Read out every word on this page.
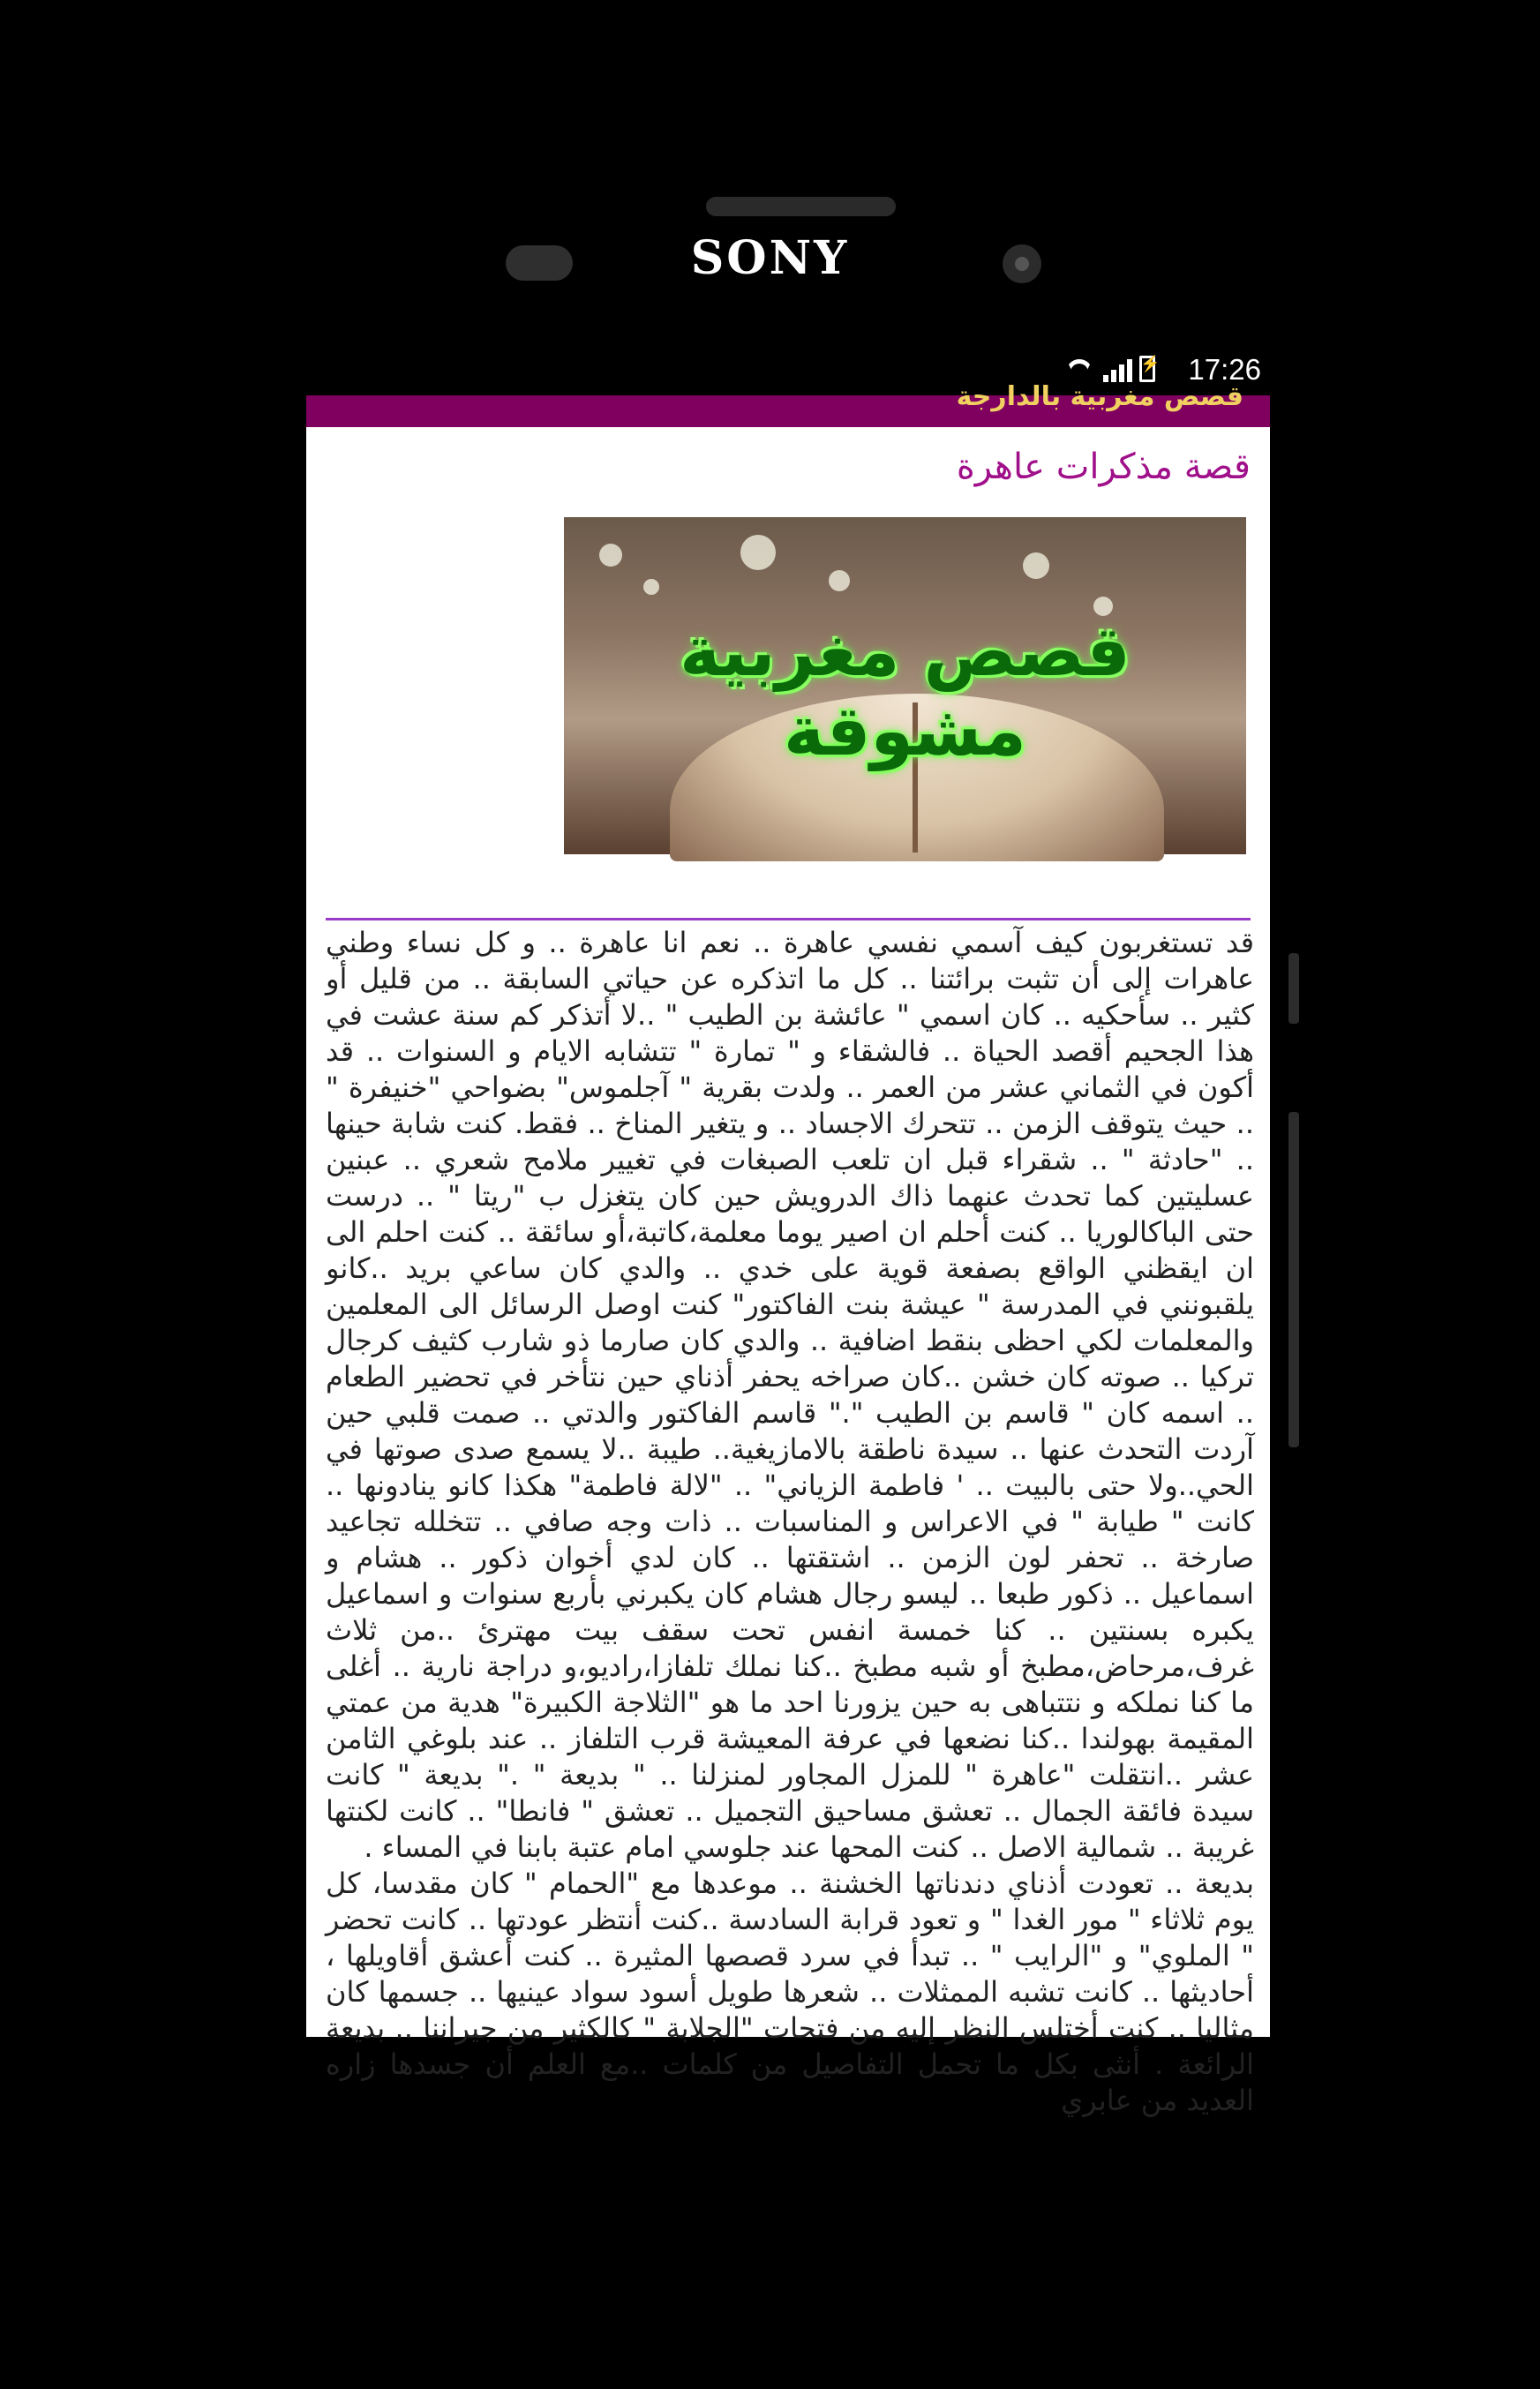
SONY
⚡
17:26
قصص مغربية بالدارجة
قصة مذكرات عاهرة
قصص مغربية مشوقة

قد تستغربون كيف آسمي نفسي عاهرة .. نعم انا عاهرة .. و كل نساء وطني عاهرات إلى أن تثبت برائتنا .. كل ما اتذكره عن حياتي السابقة .. من قليل أو كثير .. سأحكيه .. كان اسمي " عائشة بن الطيب " ..لا أتذكر كم سنة عشت في هذا الجحيم أقصد الحياة .. فالشقاء و " تمارة " تتشابه الايام و السنوات .. قد أكون في الثماني عشر من العمر .. ولدت بقرية " آجلموس" بضواحي "خنيفرة " .. حيث يتوقف الزمن .. تتحرك الاجساد .. و يتغير المناخ .. فقط. كنت شابة حينها .. "حادثة " .. شقراء قبل ان تلعب الصبغات في تغيير ملامح شعري .. عبنين عسليتين كما تحدث عنهما ذاك الدرويش حين كان يتغزل ب "ريتا " .. درست حتى الباكالوريا .. كنت أحلم ان اصير يوما معلمة،كاتبة،أو سائقة .. كنت احلم الى ان ايقظني الواقع بصفعة قوية على خدي .. والدي كان ساعي بريد ..كانو يلقبونني في المدرسة " عيشة بنت الفاكتور" كنت اوصل الرسائل الى المعلمين والمعلمات لكي احظى بنقط اضافية .. والدي كان صارما ذو شارب كثيف كرجال تركيا .. صوته كان خشن ..كان صراخه يحفر أذناي حين نتأخر في تحضير الطعام .. اسمه كان " قاسم بن الطيب "." قاسم الفاكتور والدتي .. صمت قلبي حين آردت التحدث عنها .. سيدة ناطقة بالامازيغية.. طيبة ..لا يسمع صدى صوتها في الحي..ولا حتى بالبيت .. ' فاطمة الزياني" .. "لالة فاطمة" هكذا كانو ينادونها .. كانت " طيابة " في الاعراس و المناسبات .. ذات وجه صافي .. تتخلله تجاعيد صارخة .. تحفر لون الزمن .. اشتقتها .. كان لدي أخوان ذكور .. هشام و اسماعيل .. ذكور طبعا .. ليسو رجال هشام كان يكبرني بأربع سنوات و اسماعيل يكبره بسنتين .. كنا خمسة انفس تحت سقف بيت مهترئ ..من ثلاث غرف،مرحاض،مطبخ أو شبه مطبخ ..كنا نملك تلفازا،راديو،و دراجة نارية .. أغلى ما كنا نملكه و نتتباهى به حين يزورنا احد ما هو "الثلاجة الكبيرة" هدية من عمتي المقيمة بهولندا ..كنا نضعها في عرفة المعيشة قرب التلفاز .. عند بلوغي الثامن عشر ..انتقلت "عاهرة " للمزل المجاور لمنزلنا .. " بديعة " ." بديعة " كانت سيدة فائقة الجمال .. تعشق مساحيق التجميل .. تعشق " فانطا" .. كانت لكنتها غريبة .. شمالية الاصل .. كنت المحها عند جلوسي امام عتبة بابنا في المساء .

بديعة .. تعودت أذناي دندناتها الخشنة .. موعدها مع "الحمام " كان مقدسا، كل يوم ثلاثاء " مور الغدا " و تعود قرابة السادسة ..كنت أنتظر عودتها .. كانت تحضر " الملوي" و "الرايب " .. تبدأ في سرد قصصها المثيرة .. كنت أعشق أقاويلها ، أحاديثها .. كانت تشبه الممثلات .. شعرها طويل أسود سواد عينيها .. جسمها كان مثاليا .. كنت أختلس النظر إليه من فتحات "الجلابة " كالكثير من جيراننا .. بديعة الرائعة . أنثى بكل ما تحمل التفاصيل من كلمات ..مع العلم أن جسدها زاره العديد من عابري
